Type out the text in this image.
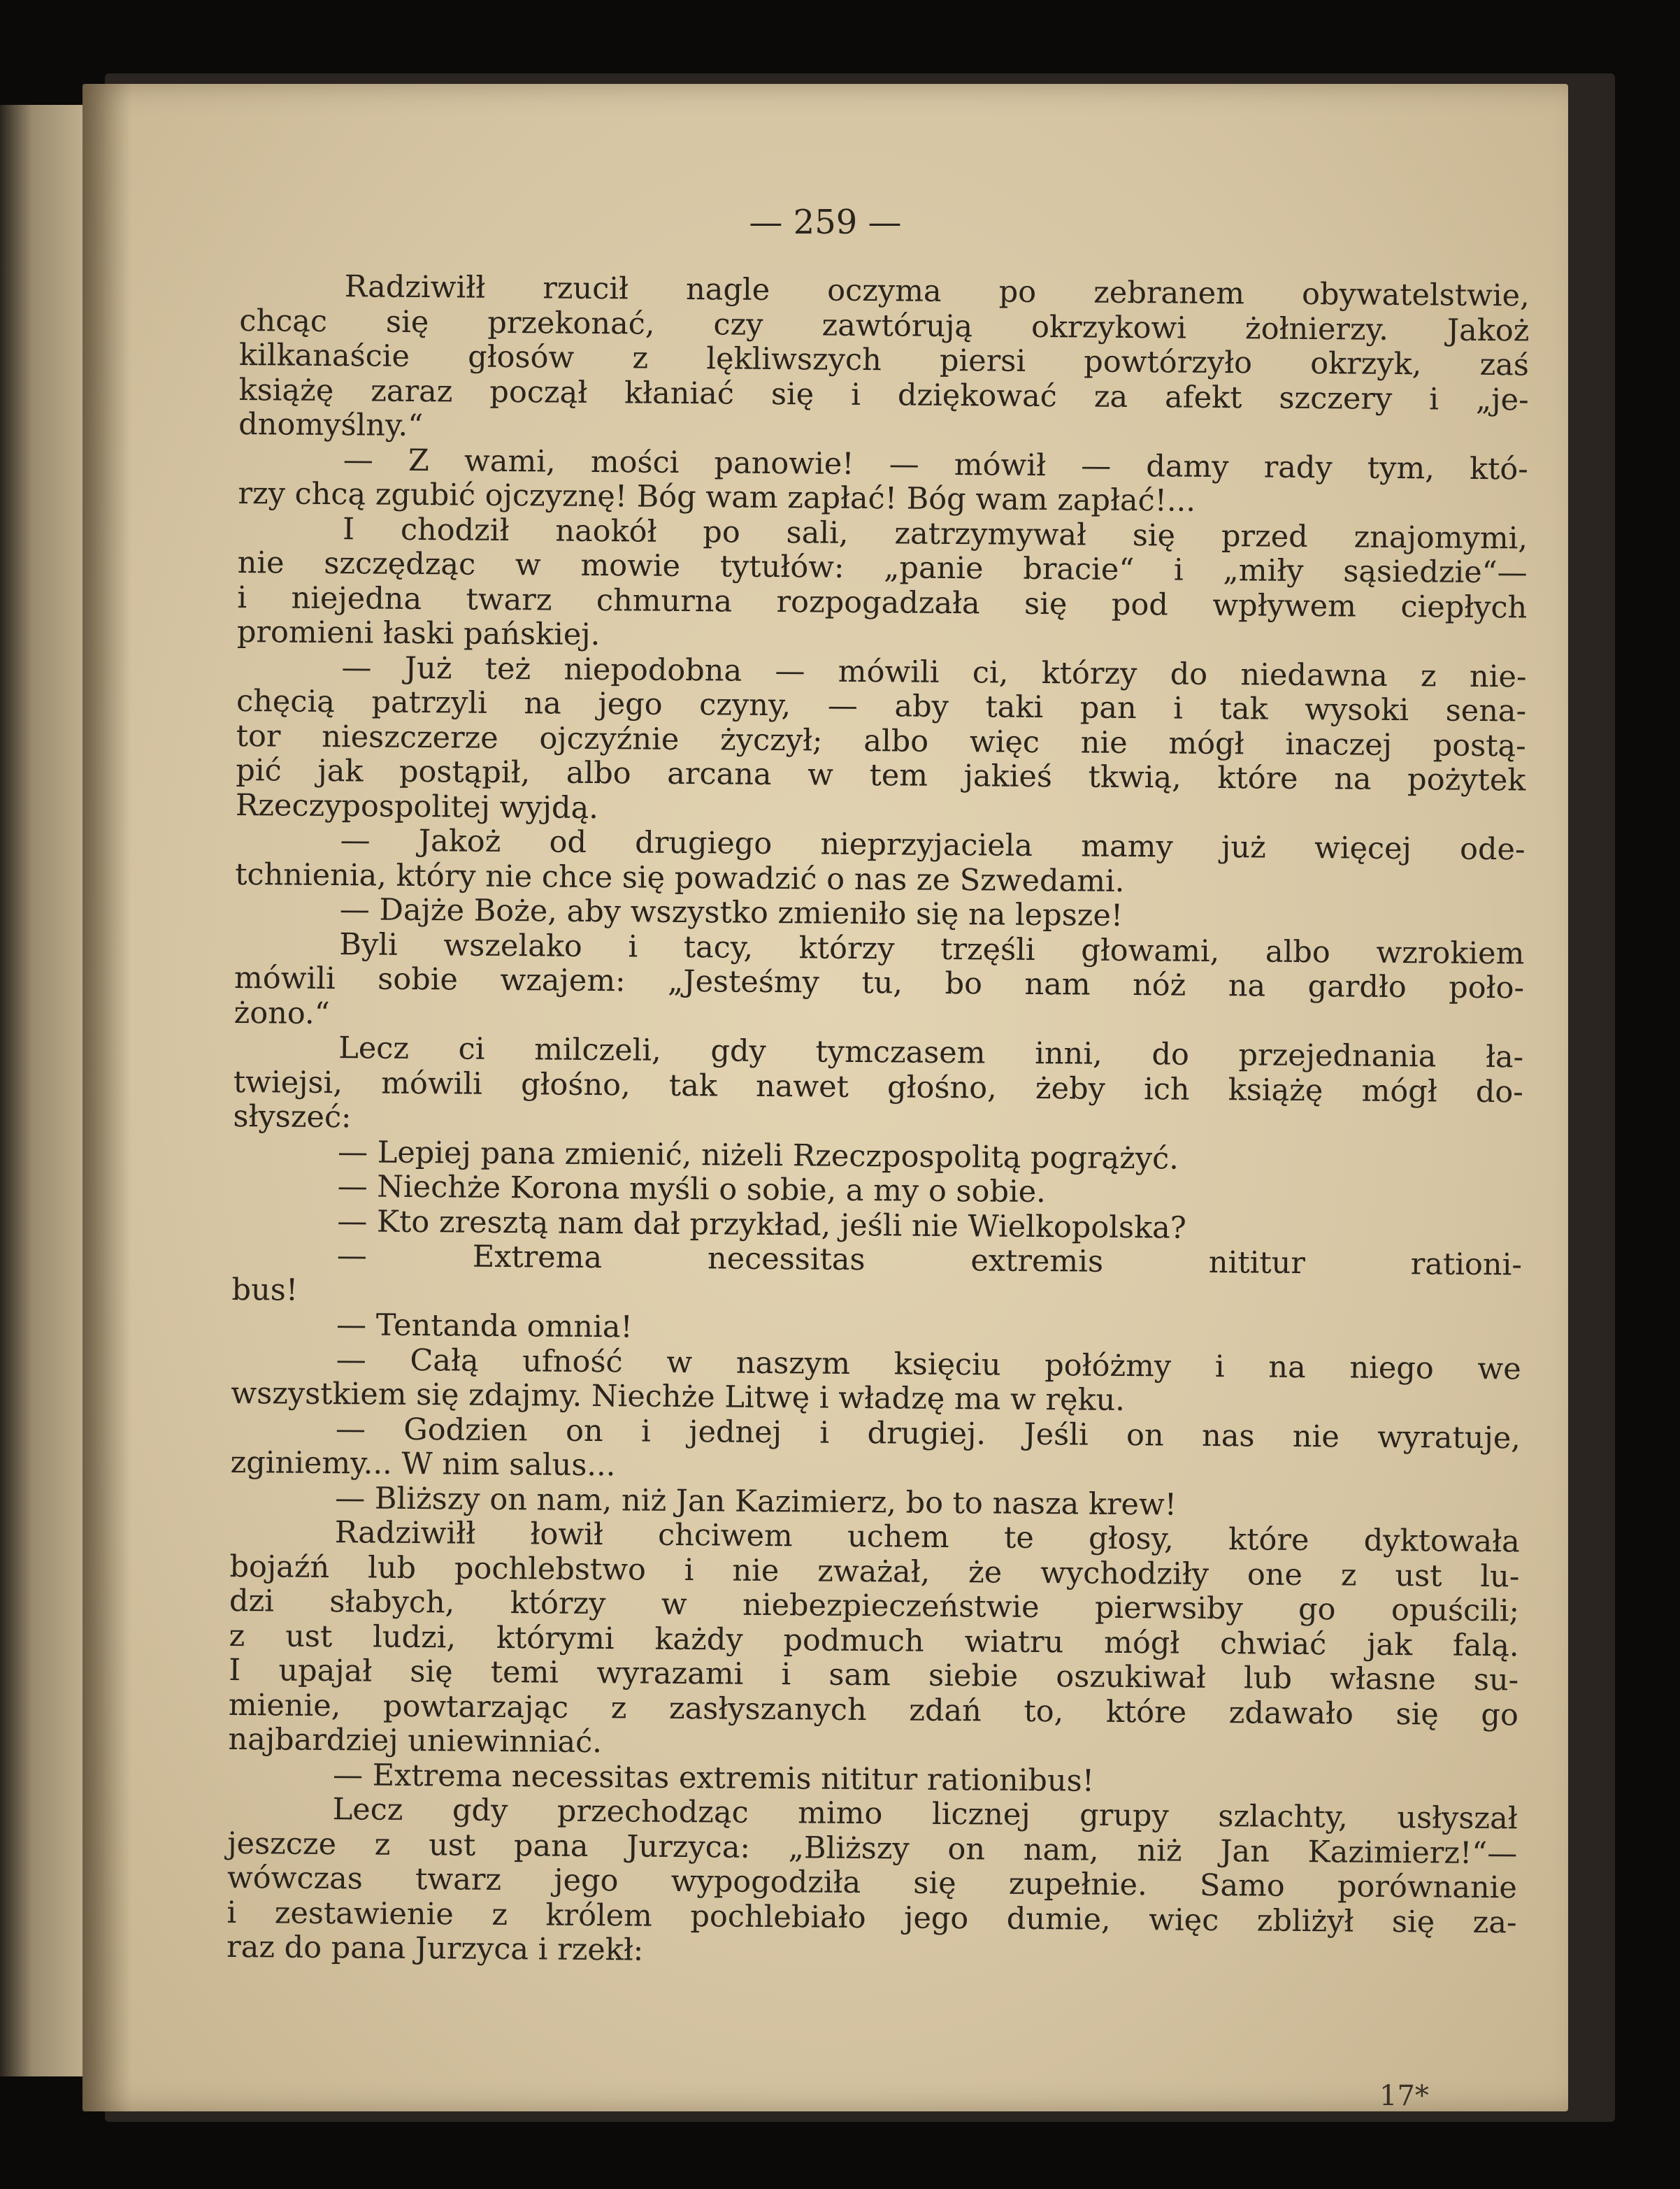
— 259 —
Radziwiłł rzucił nagle oczyma po zebranem obywatelstwie,
chcąc się przekonać, czy zawtórują okrzykowi żołnierzy. Jakoż
kilkanaście głosów z lękliwszych piersi powtórzyło okrzyk, zaś
książę zaraz począł kłaniać się i dziękować za afekt szczery i „je-
dnomyślny.“
— Z wami, mości panowie! — mówił — damy rady tym, któ-
rzy chcą zgubić ojczyznę! Bóg wam zapłać! Bóg wam zapłać!...
I chodził naokół po sali, zatrzymywał się przed znajomymi,
nie szczędząc w mowie tytułów: „panie bracie“ i „miły sąsiedzie“—
i niejedna twarz chmurna rozpogadzała się pod wpływem ciepłych
promieni łaski pańskiej.
— Już też niepodobna — mówili ci, którzy do niedawna z nie-
chęcią patrzyli na jego czyny, — aby taki pan i tak wysoki sena-
tor nieszczerze ojczyźnie życzył; albo więc nie mógł inaczej postą-
pić jak postąpił, albo arcana w tem jakieś tkwią, które na pożytek
Rzeczypospolitej wyjdą.
— Jakoż od drugiego nieprzyjaciela mamy już więcej ode-
tchnienia, który nie chce się powadzić o nas ze Szwedami.
— Dajże Boże, aby wszystko zmieniło się na lepsze!
Byli wszelako i tacy, którzy trzęśli głowami, albo wzrokiem
mówili sobie wzajem: „Jesteśmy tu, bo nam nóż na gardło poło-
żono.“
Lecz ci milczeli, gdy tymczasem inni, do przejednania ła-
twiejsi, mówili głośno, tak nawet głośno, żeby ich książę mógł do-
słyszeć:
— Lepiej pana zmienić, niżeli Rzeczpospolitą pogrążyć.
— Niechże Korona myśli o sobie, a my o sobie.
— Kto zresztą nam dał przykład, jeśli nie Wielkopolska?
— Extrema necessitas extremis nititur rationi-
bus!
— Tentanda omnia!
— Całą ufność w naszym księciu połóżmy i na niego we
wszystkiem się zdajmy. Niechże Litwę i władzę ma w ręku.
— Godzien on i jednej i drugiej. Jeśli on nas nie wyratuje,
zginiemy... W nim salus...
— Bliższy on nam, niż Jan Kazimierz, bo to nasza krew!
Radziwiłł łowił chciwem uchem te głosy, które dyktowała
bojaźń lub pochlebstwo i nie zważał, że wychodziły one z ust lu-
dzi słabych, którzy w niebezpieczeństwie pierwsiby go opuścili;
z ust ludzi, którymi każdy podmuch wiatru mógł chwiać jak falą.
I upajał się temi wyrazami i sam siebie oszukiwał lub własne su-
mienie, powtarzając z zasłyszanych zdań to, które zdawało się go
najbardziej uniewinniać.
— Extrema necessitas extremis nititur rationibus!
Lecz gdy przechodząc mimo licznej grupy szlachty, usłyszał
jeszcze z ust pana Jurzyca: „Bliższy on nam, niż Jan Kazimierz!“—
wówczas twarz jego wypogodziła się zupełnie. Samo porównanie
i zestawienie z królem pochlebiało jego dumie, więc zbliżył się za-
raz do pana Jurzyca i rzekł:
17*
